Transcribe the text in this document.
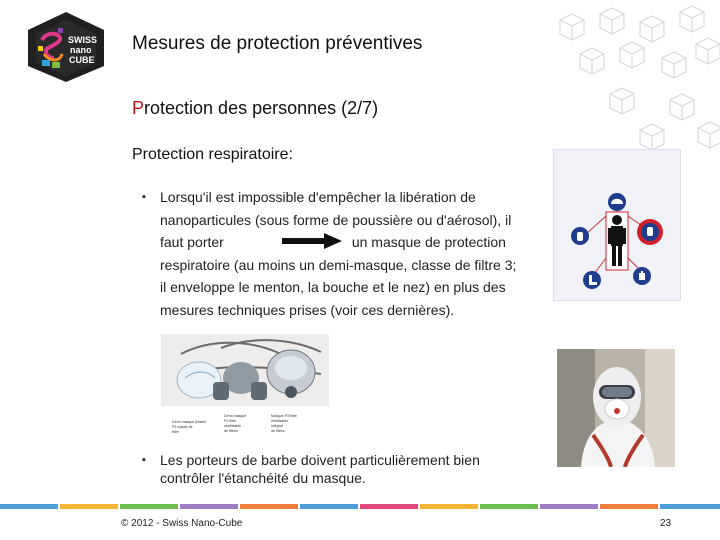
SWISS
nano
CUBE
Mesures de protection préventives
Protection des personnes (2/7)
Protection respiratoire:
▪ Lorsqu'il est impossible d'empêcher la libération de
nanoparticules (sous forme de poussière ou d'aérosol), il
faut porter	un masque de protection
respiratoire (au moins un demi-masque, classe de filtre 3;
il enveloppe le menton, la bouche et le nez) en plus des
mesures techniques prises (voir ces dernières).
Demi-masque jetable
P3 classe de
filtre
Demi-masque
P3 filtre
réutilisable
de filtres
Masque P3 filtre
réutilisable
intégral
de filtres
▪ Les porteurs de barbe doivent particulièrement bien
contrôler l'étanchéité du masque.
© 2012 - Swiss Nano-Cube	23
